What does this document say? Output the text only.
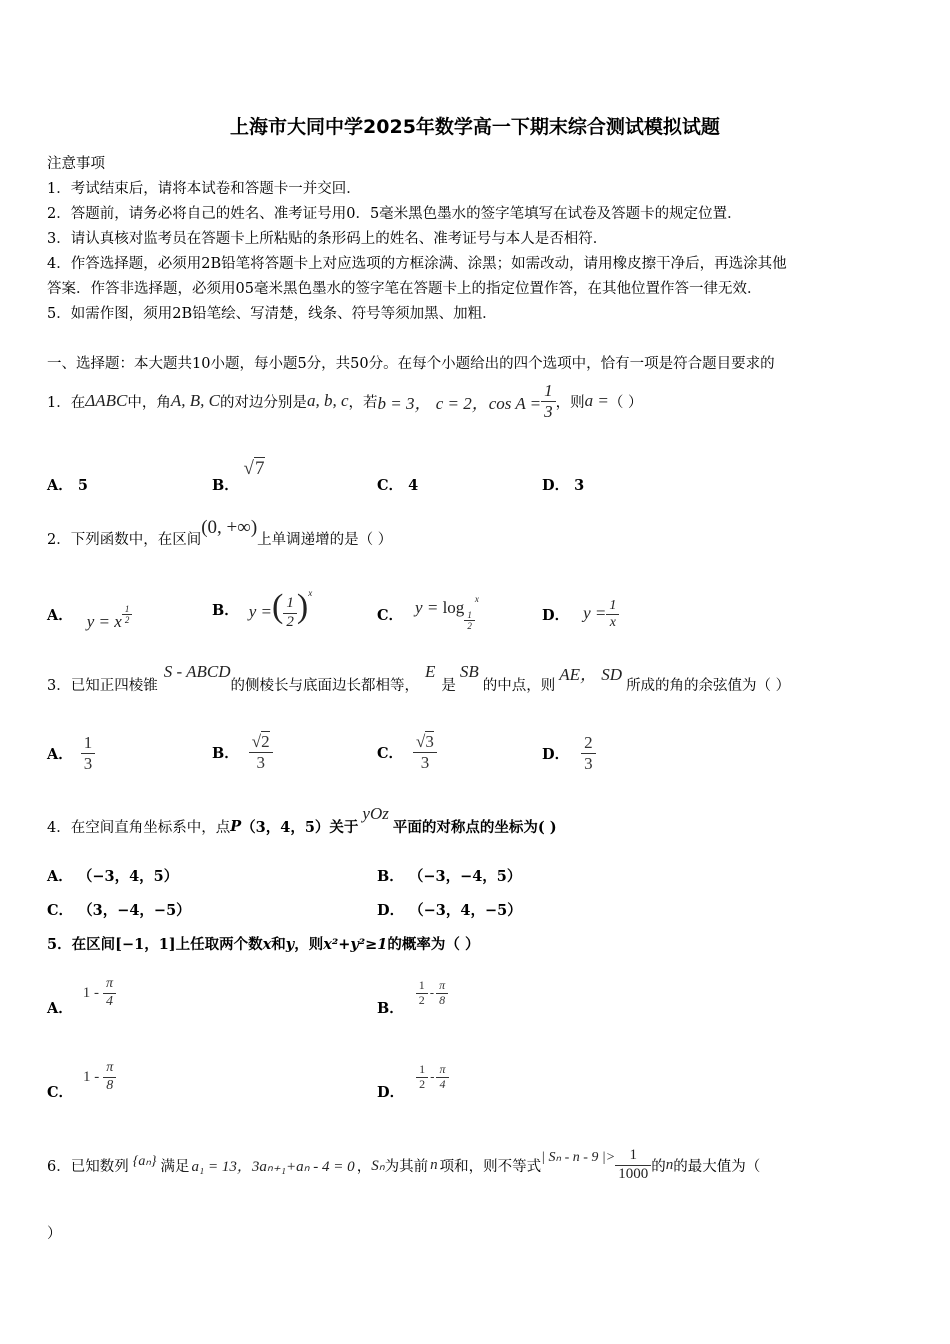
上海市大同中学2025年数学高一下期末综合测试模拟试题
注意事项
1．考试结束后，请将本试卷和答题卡一并交回．
2．答题前，请务必将自己的姓名、准考证号用0．5毫米黑色墨水的签字笔填写在试卷及答题卡的规定位置．
3．请认真核对监考员在答题卡上所粘贴的条形码上的姓名、准考证号与本人是否相符．
4．作答选择题，必须用2B铅笔将答题卡上对应选项的方框涂满、涂黑；如需改动，请用橡皮擦干净后，再选涂其他
答案．作答非选择题，必须用05毫米黑色墨水的签字笔在答题卡上的指定位置作答，在其他位置作答一律无效．
5．如需作图，须用2B铅笔绘、写清楚，线条、符号等须加黑、加粗．
一、选择题：本大题共10小题，每小题5分，共50分。在每个小题给出的四个选项中，恰有一项是符合题目要求的
1．在 ΔABC 中，角 A, B, C 的对边分别是 a, b, c ，若 b = 3， c = 2，$\cos A = \frac{1}{3}$ ，则 a = （ ）
A． 5	B． √7
C． 4	D． 3
2．下列函数中，在区间
(0, +∞)
上单调递增的是（ ）
A． y = x $^{\frac{1}{2}}$	B． y =( $\frac{1}{2} )^x$
C． y = log
$_{\frac{1}{2}}$
$^x$
D． $y = \frac{1}{x}$
3．已知正四棱锥
S - ABCD
的侧棱长与底面边长都相等，
E
是
SB
的中点，则
AE， SD
所成的角的余弦值为（ ）
A． $\frac{1}{3}$	B． $\frac{√2}{3}$	C． $\frac{√3}{3}$	D． $\frac{2}{3}$
4．在空间直角坐标系中，点 P （3，4，5）关于
yOz
平面的对称点的坐标为( )
A． （−3，4，5）	B． （−3，−4，5）
C． （3，−4，−5）	D． （−3，4，−5）
5．在区间[−1，1]上任取两个数x和y，则x²+y²≥1的概率为（ ）
A．
$1 - \frac{\pi}{4}$	B．
$\frac{1}{2} - \frac{\pi}{8}$
C．
$1 - \frac{\pi}{8}$	D．
$\frac{1}{2} - \frac{\pi}{4}$
6．已知数列 {aₙ} 满足 a₁ = 13，3aₙ₊₁+aₙ - 4 = 0 ， Sₙ 为其前 n 项和，则不等式
| Sₙ - n - 9 |> $\frac{1}{1000}$ 的 n 的最大值为（
）
